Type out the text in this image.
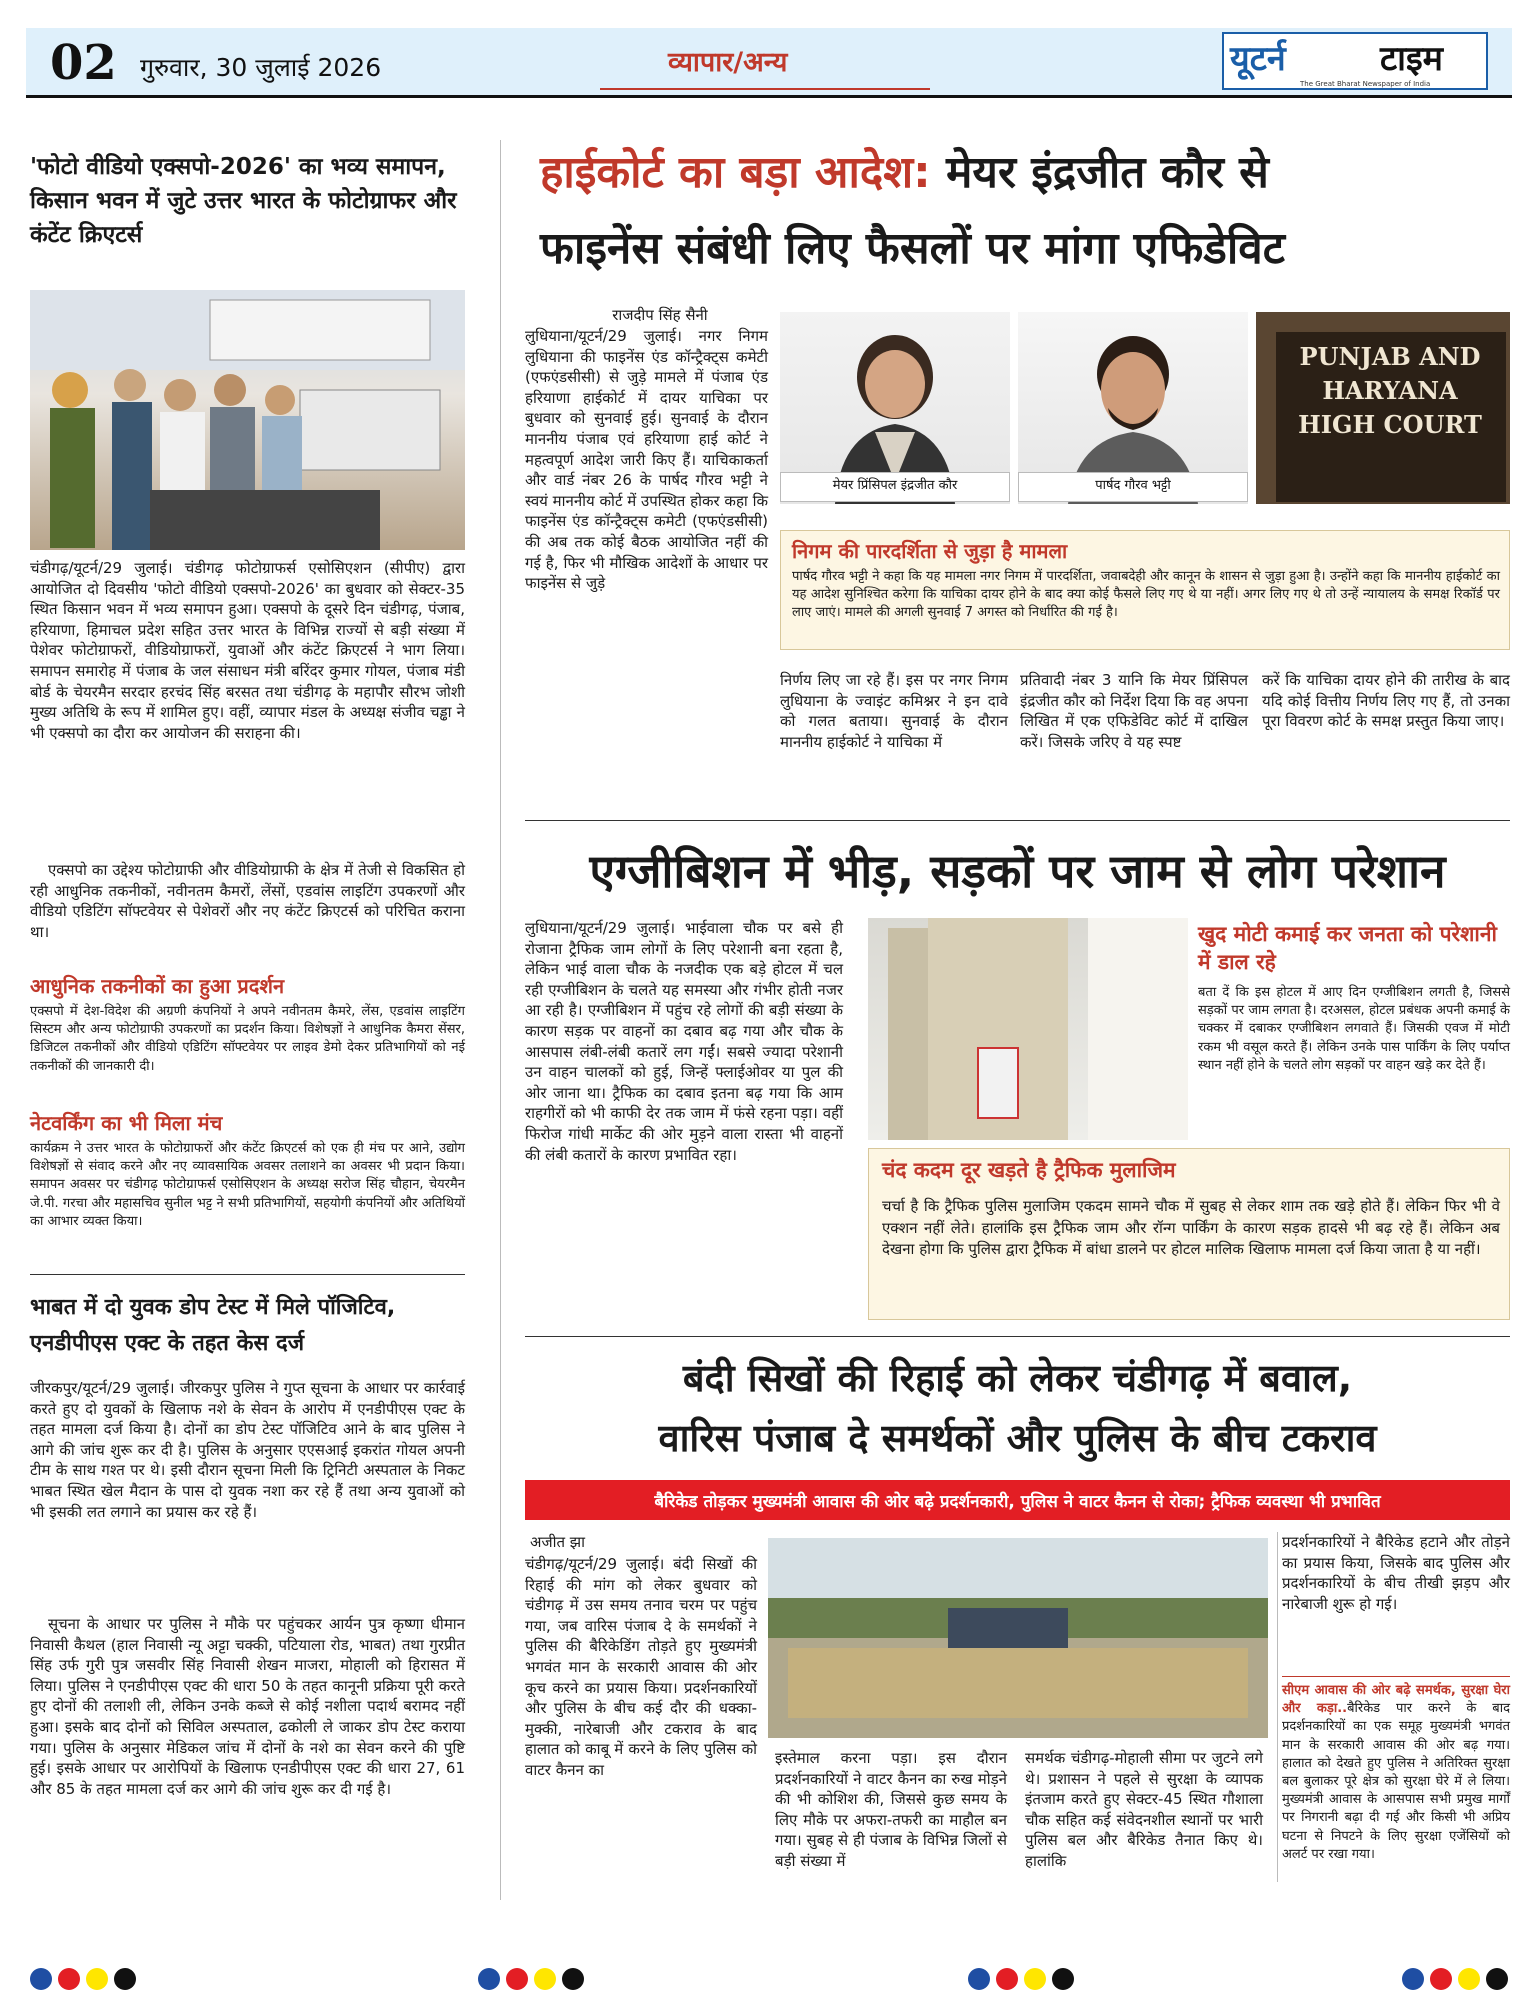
02 गुरुवार, 30 जुलाई 2026	व्यापार/अन्य	यूटर्न	टाइम
The Great Bharat Newspaper of India
'फोटो वीडियो एक्सपो-2026' का भव्य समापन, किसान भवन में जुटे उत्तर भारत के फोटोग्राफर और कंटेंट क्रिएटर्स
चंडीगढ़/यूटर्न/29 जुलाई। चंडीगढ़ फोटोग्राफर्स एसोसिएशन (सीपीए) द्वारा आयोजित दो दिवसीय 'फोटो वीडियो एक्सपो-2026' का बुधवार को सेक्टर-35 स्थित किसान भवन में भव्य समापन हुआ। एक्सपो के दूसरे दिन चंडीगढ़, पंजाब, हरियाणा, हिमाचल प्रदेश सहित उत्तर भारत के विभिन्न राज्यों से बड़ी संख्या में पेशेवर फोटोग्राफरों, वीडियोग्राफरों, युवाओं और कंटेंट क्रिएटर्स ने भाग लिया। समापन समारोह में पंजाब के जल संसाधन मंत्री बरिंदर कुमार गोयल, पंजाब मंडी बोर्ड के चेयरमैन सरदार हरचंद सिंह बरसत तथा चंडीगढ़ के महापौर सौरभ जोशी मुख्य अतिथि के रूप में शामिल हुए। वहीं, व्यापार मंडल के अध्यक्ष संजीव चड्ढा ने भी एक्सपो का दौरा कर आयोजन की सराहना की।
एक्सपो का उद्देश्य फोटोग्राफी और वीडियोग्राफी के क्षेत्र में तेजी से विकसित हो रही आधुनिक तकनीकों, नवीनतम कैमरों, लेंसों, एडवांस लाइटिंग उपकरणों और वीडियो एडिटिंग सॉफ्टवेयर से पेशेवरों और नए कंटेंट क्रिएटर्स को परिचित कराना था।
आधुनिक तकनीकों का हुआ प्रदर्शन
एक्सपो में देश-विदेश की अग्रणी कंपनियों ने अपने नवीनतम कैमरे, लेंस, एडवांस लाइटिंग सिस्टम और अन्य फोटोग्राफी उपकरणों का प्रदर्शन किया। विशेषज्ञों ने आधुनिक कैमरा सेंसर, डिजिटल तकनीकों और वीडियो एडिटिंग सॉफ्टवेयर पर लाइव डेमो देकर प्रतिभागियों को नई तकनीकों की जानकारी दी।
नेटवर्किंग का भी मिला मंच
कार्यक्रम ने उत्तर भारत के फोटोग्राफरों और कंटेंट क्रिएटर्स को एक ही मंच पर आने, उद्योग विशेषज्ञों से संवाद करने और नए व्यावसायिक अवसर तलाशने का अवसर भी प्रदान किया। समापन अवसर पर चंडीगढ़ फोटोग्राफर्स एसोसिएशन के अध्यक्ष सरोज सिंह चौहान, चेयरमैन जे.पी. गरचा और महासचिव सुनील भट्ट ने सभी प्रतिभागियों, सहयोगी कंपनियों और अतिथियों का आभार व्यक्त किया।
भाबत में दो युवक डोप टेस्ट में मिले पॉजिटिव, एनडीपीएस एक्ट के तहत केस दर्ज
जीरकपुर/यूटर्न/29 जुलाई। जीरकपुर पुलिस ने गुप्त सूचना के आधार पर कार्रवाई करते हुए दो युवकों के खिलाफ नशे के सेवन के आरोप में एनडीपीएस एक्ट के तहत मामला दर्ज किया है। दोनों का डोप टेस्ट पॉजिटिव आने के बाद पुलिस ने आगे की जांच शुरू कर दी है। पुलिस के अनुसार एएसआई इकरांत गोयल अपनी टीम के साथ गश्त पर थे। इसी दौरान सूचना मिली कि ट्रिनिटी अस्पताल के निकट भाबत स्थित खेल मैदान के पास दो युवक नशा कर रहे हैं तथा अन्य युवाओं को भी इसकी लत लगाने का प्रयास कर रहे हैं।
सूचना के आधार पर पुलिस ने मौके पर पहुंचकर आर्यन पुत्र कृष्णा धीमान निवासी कैथल (हाल निवासी न्यू अट्टा चक्की, पटियाला रोड, भाबत) तथा गुरप्रीत सिंह उर्फ गुरी पुत्र जसवीर सिंह निवासी शेखन माजरा, मोहाली को हिरासत में लिया। पुलिस ने एनडीपीएस एक्ट की धारा 50 के तहत कानूनी प्रक्रिया पूरी करते हुए दोनों की तलाशी ली, लेकिन उनके कब्जे से कोई नशीला पदार्थ बरामद नहीं हुआ। इसके बाद दोनों को सिविल अस्पताल, ढकोली ले जाकर डोप टेस्ट कराया गया। पुलिस के अनुसार मेडिकल जांच में दोनों के नशे का सेवन करने की पुष्टि हुई। इसके आधार पर आरोपियों के खिलाफ एनडीपीएस एक्ट की धारा 27, 61 और 85 के तहत मामला दर्ज कर आगे की जांच शुरू कर दी गई है।
हाईकोर्ट का बड़ा आदेश: मेयर इंद्रजीत कौर से
फाइनेंस संबंधी लिए फैसलों पर मांगा एफिडेविट
राजदीप सिंह सैनी
लुधियाना/यूटर्न/29 जुलाई। नगर निगम लुधियाना की फाइनेंस एंड कॉन्ट्रैक्ट्स कमेटी (एफएंडसीसी) से जुड़े मामले में पंजाब एंड हरियाणा हाईकोर्ट में दायर याचिका पर बुधवार को सुनवाई हुई। सुनवाई के दौरान माननीय पंजाब एवं हरियाणा हाई कोर्ट ने महत्वपूर्ण आदेश जारी किए हैं। याचिकाकर्ता और वार्ड नंबर 26 के पार्षद गौरव भट्टी ने स्वयं माननीय कोर्ट में उपस्थित होकर कहा कि फाइनेंस एंड कॉन्ट्रैक्ट्स कमेटी (एफएंडसीसी) की अब तक कोई बैठक आयोजित नहीं की गई है, फिर भी मौखिक आदेशों के आधार पर फाइनेंस से जुड़े
मेयर प्रिंसिपल इंद्रजीत कौर	पार्षद गौरव भट्टी
PUNJAB AND HARYANA HIGH COURT
निगम की पारदर्शिता से जुड़ा है मामला
पार्षद गौरव भट्टी ने कहा कि यह मामला नगर निगम में पारदर्शिता, जवाबदेही और कानून के शासन से जुड़ा हुआ है। उन्होंने कहा कि माननीय हाईकोर्ट का यह आदेश सुनिश्चित करेगा कि याचिका दायर होने के बाद क्या कोई फैसले लिए गए थे या नहीं। अगर लिए गए थे तो उन्हें न्यायालय के समक्ष रिकॉर्ड पर लाए जाएं। मामले की अगली सुनवाई 7 अगस्त को निर्धारित की गई है।
निर्णय लिए जा रहे हैं। इस पर नगर निगम लुधियाना के ज्वाइंट कमिश्नर ने इन दावे को गलत बताया। सुनवाई के दौरान माननीय हाईकोर्ट ने याचिका में
प्रतिवादी नंबर 3 यानि कि मेयर प्रिंसिपल इंद्रजीत कौर को निर्देश दिया कि वह अपना लिखित में एक एफिडेविट कोर्ट में दाखिल करें। जिसके जरिए वे यह स्पष्ट
करें कि याचिका दायर होने की तारीख के बाद यदि कोई वित्तीय निर्णय लिए गए हैं, तो उनका पूरा विवरण कोर्ट के समक्ष प्रस्तुत किया जाए।
एग्जीबिशन में भीड़, सड़कों पर जाम से लोग परेशान
लुधियाना/यूटर्न/29 जुलाई। भाईवाला चौक पर बसे ही रोजाना ट्रैफिक जाम लोगों के लिए परेशानी बना रहता है, लेकिन भाई वाला चौक के नजदीक एक बड़े होटल में चल रही एग्जीबिशन के चलते यह समस्या और गंभीर होती नजर आ रही है। एग्जीबिशन में पहुंच रहे लोगों की बड़ी संख्या के कारण सड़क पर वाहनों का दबाव बढ़ गया और चौक के आसपास लंबी-लंबी कतारें लग गईं। सबसे ज्यादा परेशानी उन वाहन चालकों को हुई, जिन्हें फ्लाईओवर या पुल की ओर जाना था। ट्रैफिक का दबाव इतना बढ़ गया कि आम राहगीरों को भी काफी देर तक जाम में फंसे रहना पड़ा। वहीं फिरोज गांधी मार्केट की ओर मुड़ने वाला रास्ता भी वाहनों की लंबी कतारों के कारण प्रभावित रहा।
खुद मोटी कमाई कर जनता को परेशानी में डाल रहे
बता दें कि इस होटल में आए दिन एग्जीबिशन लगती है, जिससे सड़कों पर जाम लगता है। दरअसल, होटल प्रबंधक अपनी कमाई के चक्कर में दबाकर एग्जीबिशन लगवाते हैं। जिसकी एवज में मोटी रकम भी वसूल करते हैं। लेकिन उनके पास पार्किंग के लिए पर्याप्त स्थान नहीं होने के चलते लोग सड़कों पर वाहन खड़े कर देते हैं।
चंद कदम दूर खड़ते है ट्रैफिक मुलाजिम
चर्चा है कि ट्रैफिक पुलिस मुलाजिम एकदम सामने चौक में सुबह से लेकर शाम तक खड़े होते हैं। लेकिन फिर भी वे एक्शन नहीं लेते। हालांकि इस ट्रैफिक जाम और रॉन्ग पार्किंग के कारण सड़क हादसे भी बढ़ रहे हैं। लेकिन अब देखना होगा कि पुलिस द्वारा ट्रैफिक में बांधा डालने पर होटल मालिक खिलाफ मामला दर्ज किया जाता है या नहीं।
बंदी सिखों की रिहाई को लेकर चंडीगढ़ में बवाल,
वारिस पंजाब दे समर्थकों और पुलिस के बीच टकराव
बैरिकेड तोड़कर मुख्यमंत्री आवास की ओर बढ़े प्रदर्शनकारी, पुलिस ने वाटर कैनन से रोका; ट्रैफिक व्यवस्था भी प्रभावित
अजीत झा
चंडीगढ़/यूटर्न/29 जुलाई। बंदी सिखों की रिहाई की मांग को लेकर बुधवार को चंडीगढ़ में उस समय तनाव चरम पर पहुंच गया, जब वारिस पंजाब दे के समर्थकों ने पुलिस की बैरिकेडिंग तोड़ते हुए मुख्यमंत्री भगवंत मान के सरकारी आवास की ओर कूच करने का प्रयास किया। प्रदर्शनकारियों और पुलिस के बीच कई दौर की धक्का-मुक्की, नारेबाजी और टकराव के बाद हालात को काबू में करने के लिए पुलिस को वाटर कैनन का
इस्तेमाल करना पड़ा। इस दौरान प्रदर्शनकारियों ने वाटर कैनन का रुख मोड़ने की भी कोशिश की, जिससे कुछ समय के लिए मौके पर अफरा-तफरी का माहौल बन गया। सुबह से ही पंजाब के विभिन्न जिलों से बड़ी संख्या में
समर्थक चंडीगढ़-मोहाली सीमा पर जुटने लगे थे। प्रशासन ने पहले से सुरक्षा के व्यापक इंतजाम करते हुए सेक्टर-45 स्थित गौशाला चौक सहित कई संवेदनशील स्थानों पर भारी पुलिस बल और बैरिकेड तैनात किए थे। हालांकि
प्रदर्शनकारियों ने बैरिकेड हटाने और तोड़ने का प्रयास किया, जिसके बाद पुलिस और प्रदर्शनकारियों के बीच तीखी झड़प और नारेबाजी शुरू हो गई।
सीएम आवास की ओर बढ़े समर्थक, सुरक्षा घेरा और कड़ा..बैरिकेड पार करने के बाद प्रदर्शनकारियों का एक समूह मुख्यमंत्री भगवंत मान के सरकारी आवास की ओर बढ़ गया। हालात को देखते हुए पुलिस ने अतिरिक्त सुरक्षा बल बुलाकर पूरे क्षेत्र को सुरक्षा घेरे में ले लिया। मुख्यमंत्री आवास के आसपास सभी प्रमुख मार्गों पर निगरानी बढ़ा दी गई और किसी भी अप्रिय घटना से निपटने के लिए सुरक्षा एजेंसियों को अलर्ट पर रखा गया।
